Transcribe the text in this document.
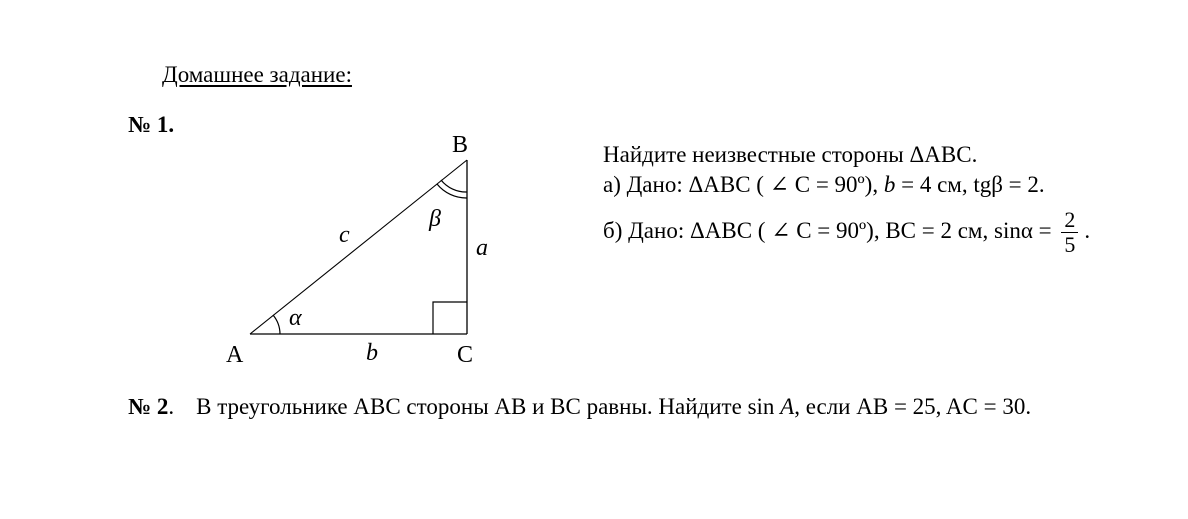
Домашнее задание:
№ 1.
B
A	C
c	a
b
α
β
Найдите неизвестные стороны ΔABC.
а) Дано: ΔABC ( ∠ C = 90º), b = 4 см, tgβ = 2.
б) Дано: ΔABC ( ∠ C = 90º), BC = 2 см, $\sin\alpha = \frac{2}{5}$ .
№ 2. В треугольнике ABC стороны AB и BC равны. Найдите sin A, если AB = 25, AC = 30.
